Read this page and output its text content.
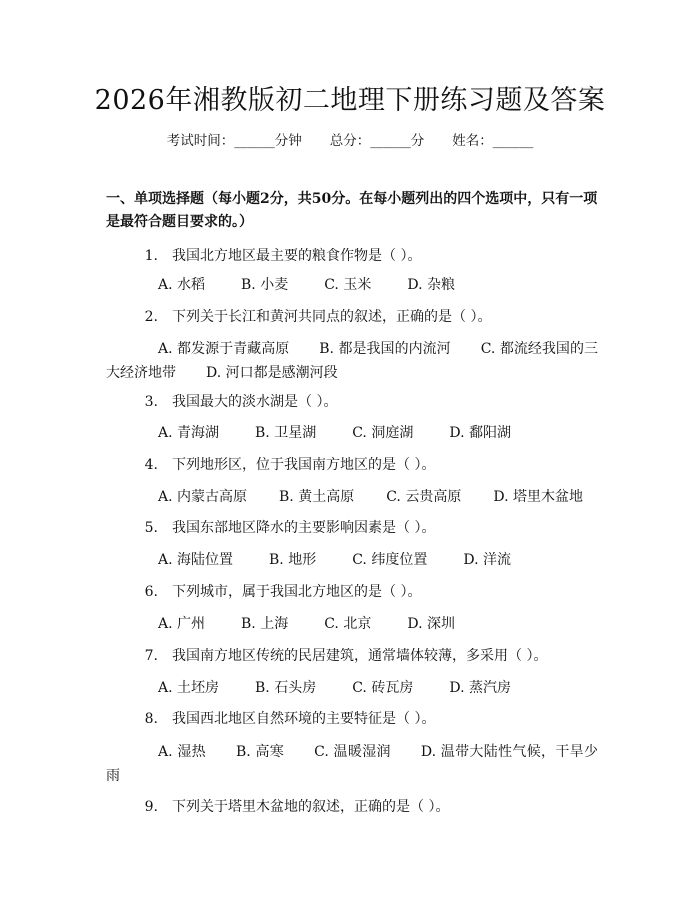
2026年湘教版初二地理下册练习题及答案
考试时间：______分钟 总分：______分 姓名：______
一、单项选择题（每小题2分，共50分。在每小题列出的四个选项中，只有一项是最符合题目要求的。）
1. 我国北方地区最主要的粮食作物是（ ）。
A. 水稻	B. 小麦	C. 玉米	D. 杂粮
2. 下列关于长江和黄河共同点的叙述，正确的是（ ）。
A. 都发源于青藏高原 B. 都是我国的内流河 C. 都流经我国的三大经济地带 D. 河口都是感潮河段
3. 我国最大的淡水湖是（ ）。
A. 青海湖	B. 卫星湖	C. 洞庭湖	D. 鄱阳湖
4. 下列地形区，位于我国南方地区的是（ ）。
A. 内蒙古高原 B. 黄土高原 C. 云贵高原 D. 塔里木盆地
5. 我国东部地区降水的主要影响因素是（ ）。
A. 海陆位置	B. 地形	C. 纬度位置	D. 洋流
6. 下列城市，属于我国北方地区的是（ ）。
A. 广州	B. 上海	C. 北京	D. 深圳
7. 我国南方地区传统的民居建筑，通常墙体较薄，多采用（ ）。
A. 土坯房	B. 石头房	C. 砖瓦房	D. 蒸汽房
8. 我国西北地区自然环境的主要特征是（ ）。
A. 湿热 B. 高寒 C. 温暖湿润 D. 温带大陆性气候，干旱少雨
9. 下列关于塔里木盆地的叙述，正确的是（ ）。
